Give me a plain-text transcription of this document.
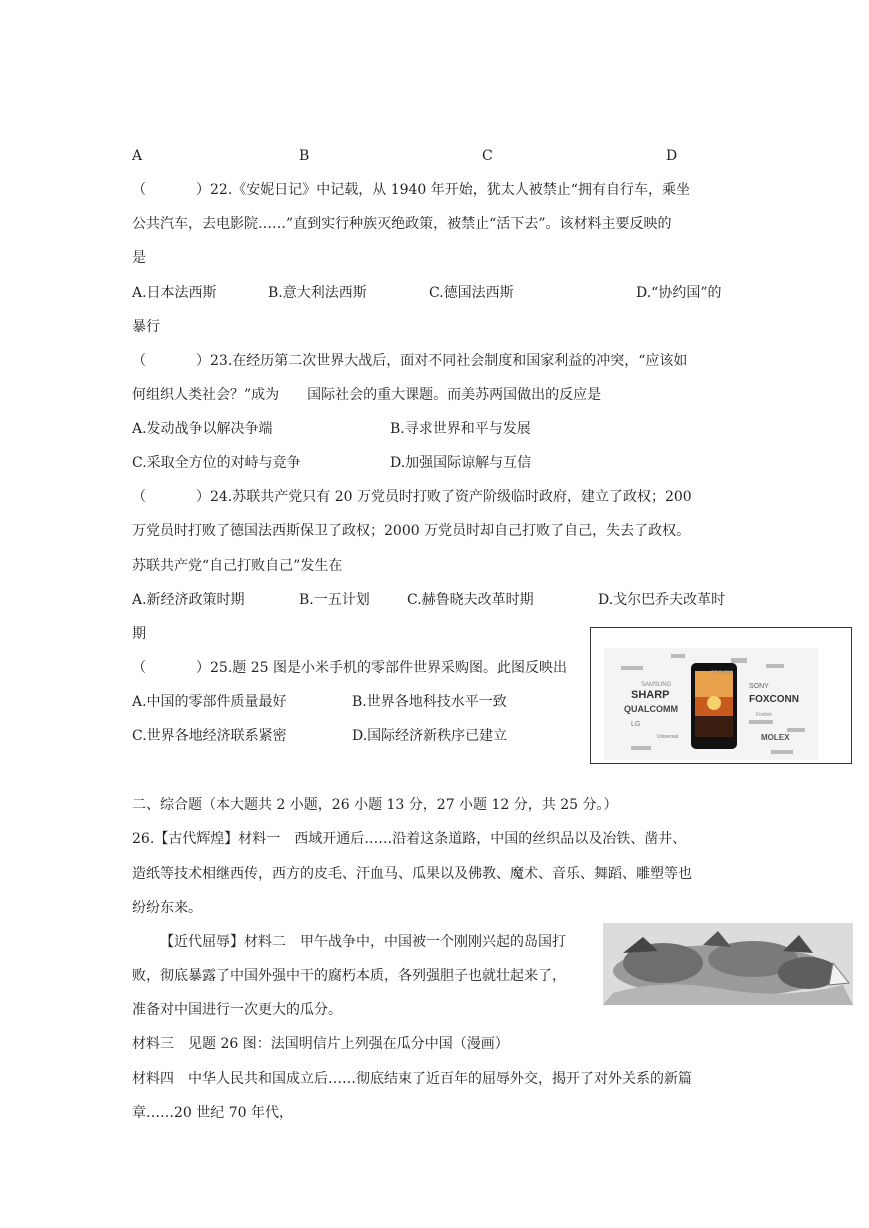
A	B	C	D
（	）22.《安妮日记》中记载，从 1940 年开始，犹太人被禁止“拥有自行车，乘坐
公共汽车，去电影院……”直到实行种族灭绝政策，被禁止“活下去”。该材料主要反映的
是
A.日本法西斯	B.意大利法西斯	C.德国法西斯	D.“协约国”的
暴行
（	）23.在经历第二次世界大战后，面对不同社会制度和国家利益的冲突，“应该如
何组织人类社会？”成为　　国际社会的重大课题。而美苏两国做出的反应是
A.发动战争以解决争端	B.寻求世界和平与发展
C.采取全方位的对峙与竞争	D.加强国际谅解与互信
（	）24.苏联共产党只有 20 万党员时打败了资产阶级临时政府，建立了政权；200
万党员时打败了德国法西斯保卫了政权；2000 万党员时却自己打败了自己，失去了政权。
苏联共产党“自己打败自己”发生在
A.新经济政策时期	B.一五计划	C.赫鲁晓夫改革时期	D.戈尔巴乔夫改革时
期
（	）25.题 25 图是小米手机的零部件世界采购图。此图反映出
A.中国的零部件质量最好	B.世界各地科技水平一致
C.世界各地经济联系紧密	D.国际经济新秩序已建立
SHARP
QUALCOMM
FOXCONN
SONY
SAMSUNG
LG
TOSHIBA
MOLEX
Universal
Foxlink
二、综合题（本大题共 2 小题，26 小题 13 分，27 小题 12 分，共 25 分。）
26.【古代辉煌】材料一　西域开通后……沿着这条道路，中国的丝织品以及冶铁、凿井、
造纸等技术相继西传，西方的皮毛、汗血马、瓜果以及佛教、魔术、音乐、舞蹈、雕塑等也
纷纷东来。
【近代屈辱】材料二　甲午战争中，中国被一个刚刚兴起的岛国打
败，彻底暴露了中国外强中干的腐朽本质，各列强胆子也就壮起来了，
准备对中国进行一次更大的瓜分。
材料三　见题 26 图：法国明信片上列强在瓜分中国（漫画）
材料四　中华人民共和国成立后……彻底结束了近百年的屈辱外交，揭开了对外关系的新篇
章……20 世纪 70 年代，
